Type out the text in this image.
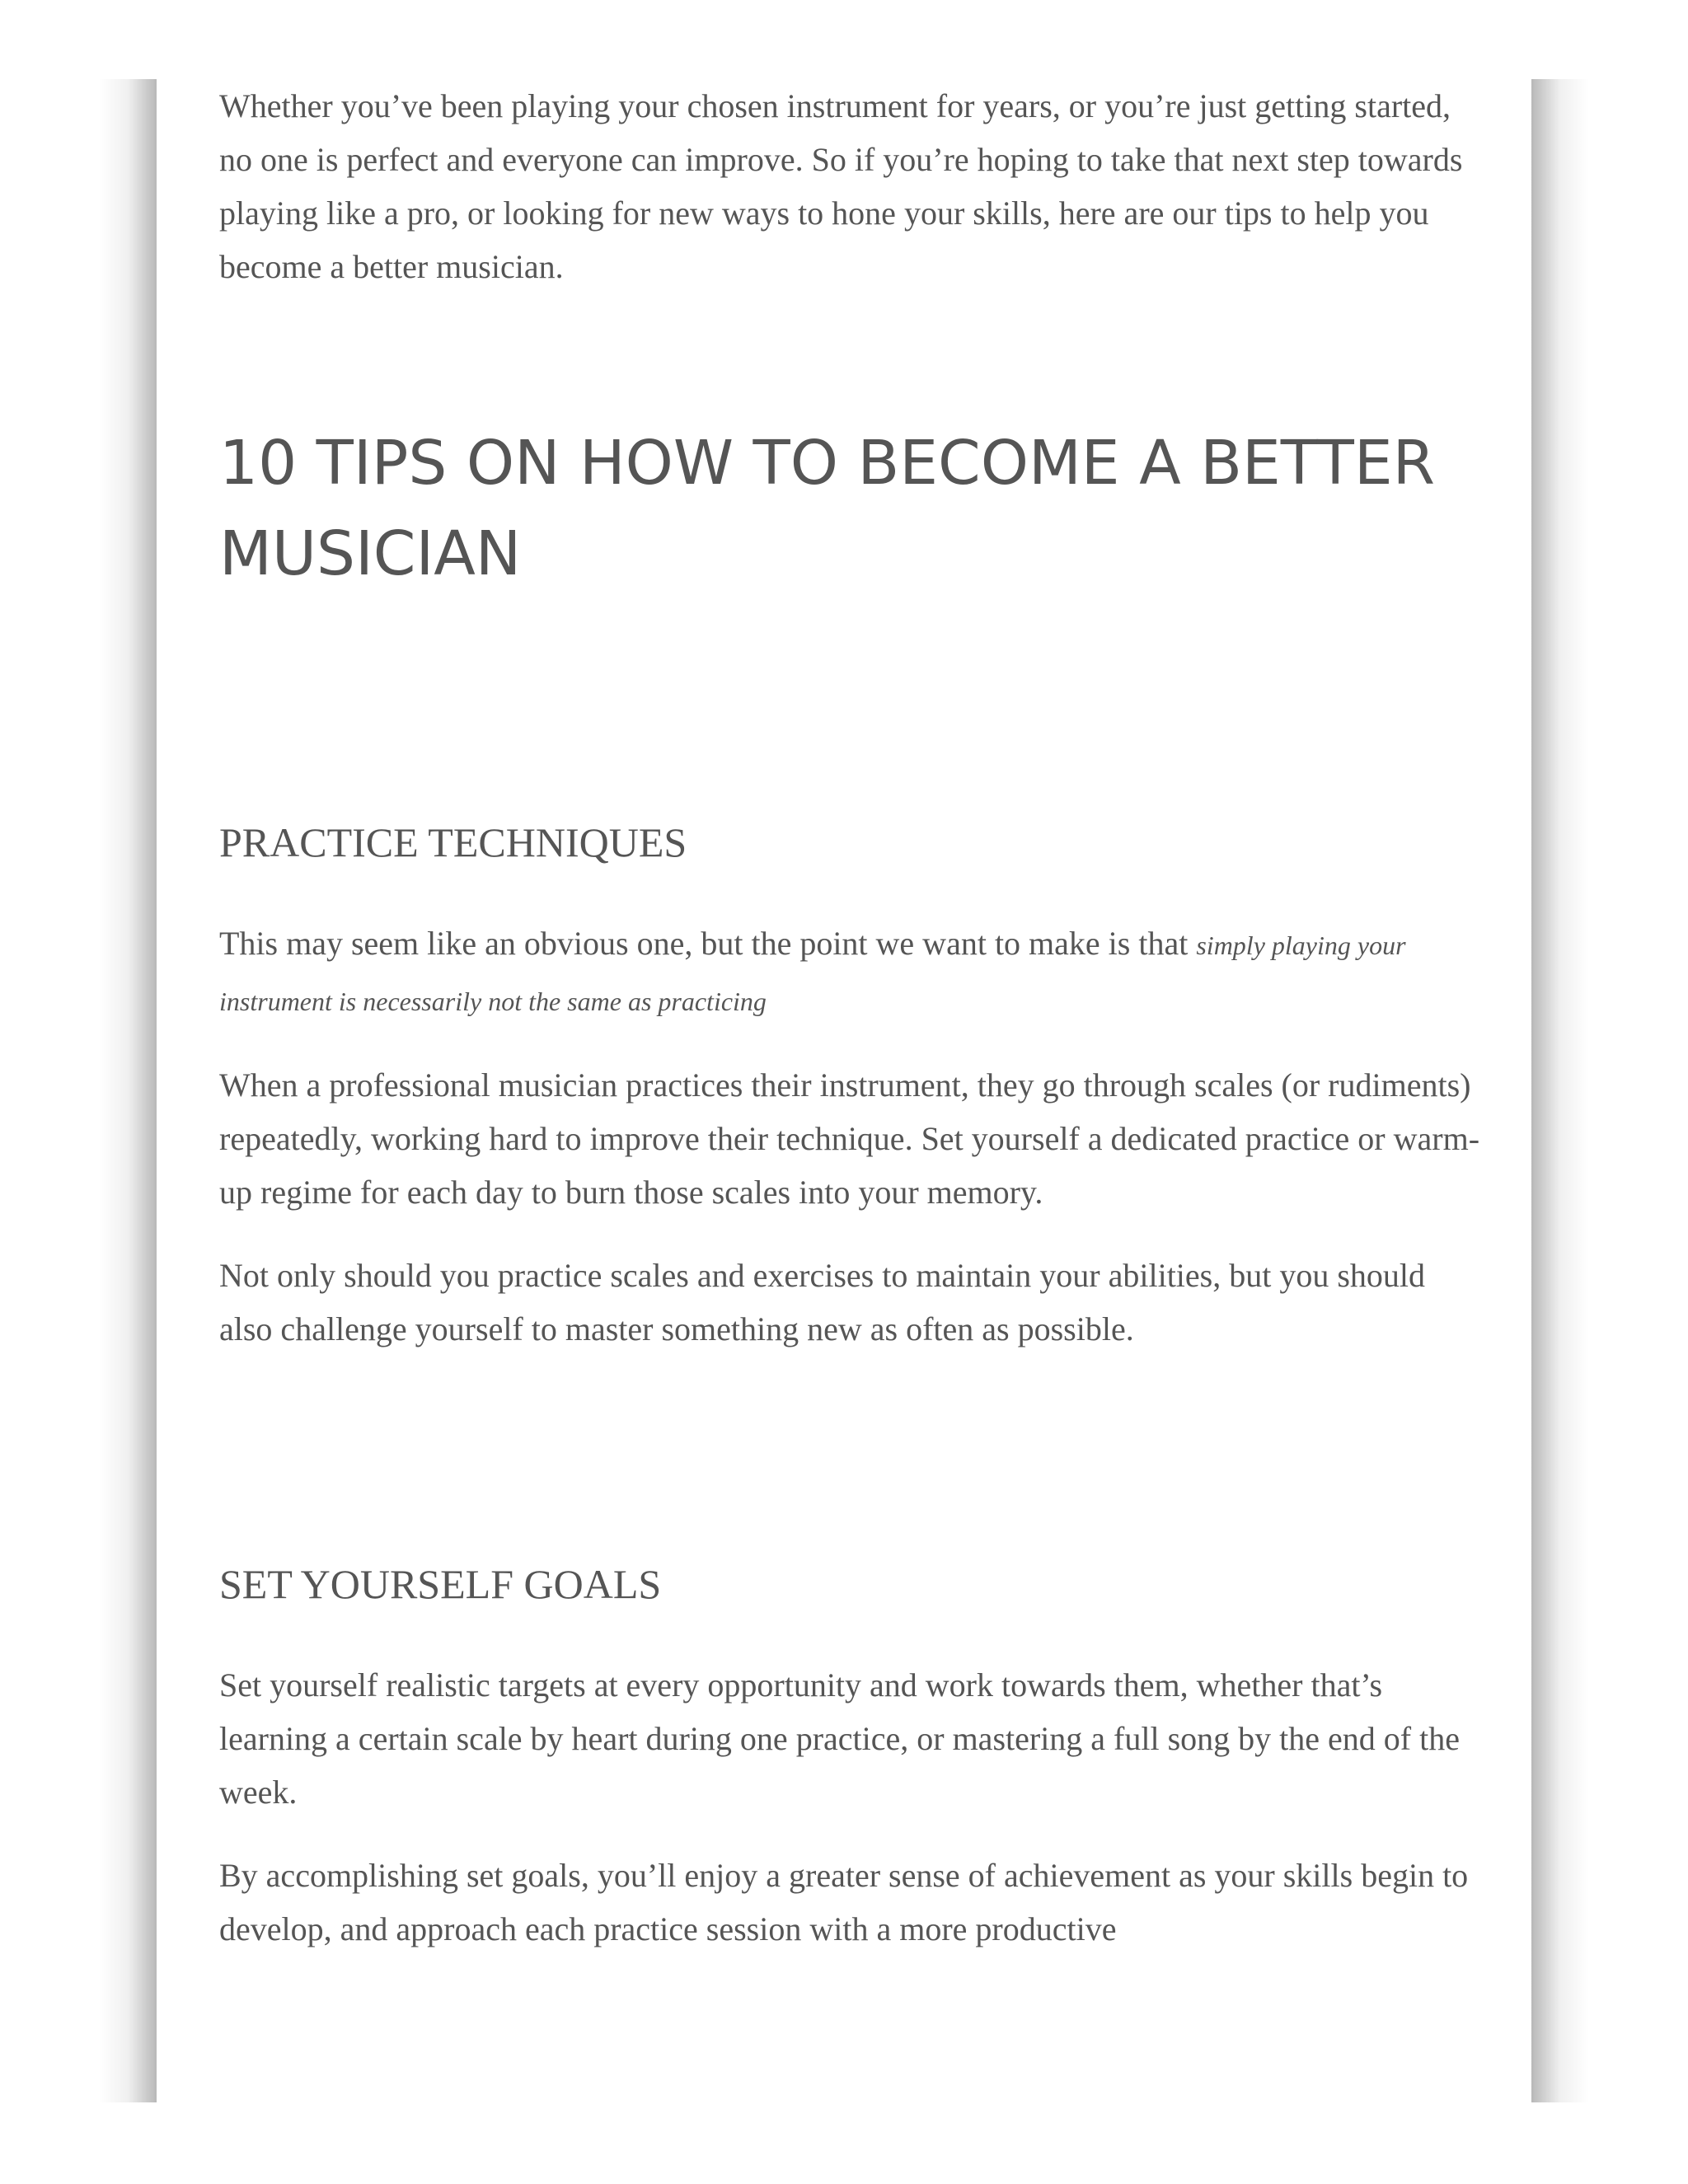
Whether you’ve been playing your chosen instrument for years, or you’re just getting started, no one is perfect and everyone can improve. So if you’re hoping to take that next step towards playing like a pro, or looking for new ways to hone your skills, here are our tips to help you become a better musician.

10 TIPS ON HOW TO BECOME A BETTER MUSICIAN
PRACTICE TECHNIQUES

This may seem like an obvious one, but the point we want to make is that simply playing your instrument is necessarily not the same as practicing

When a professional musician practices their instrument, they go through scales (or rudiments) repeatedly, working hard to improve their technique. Set yourself a dedicated practice or warm-up regime for each day to burn those scales into your memory.

Not only should you practice scales and exercises to maintain your abilities, but you should also challenge yourself to master something new as often as possible.

SET YOURSELF GOALS

Set yourself realistic targets at every opportunity and work towards them, whether that’s learning a certain scale by heart during one practice, or mastering a full song by the end of the week.

By accomplishing set goals, you’ll enjoy a greater sense of achievement as your skills begin to develop, and approach each practice session with a more productive
